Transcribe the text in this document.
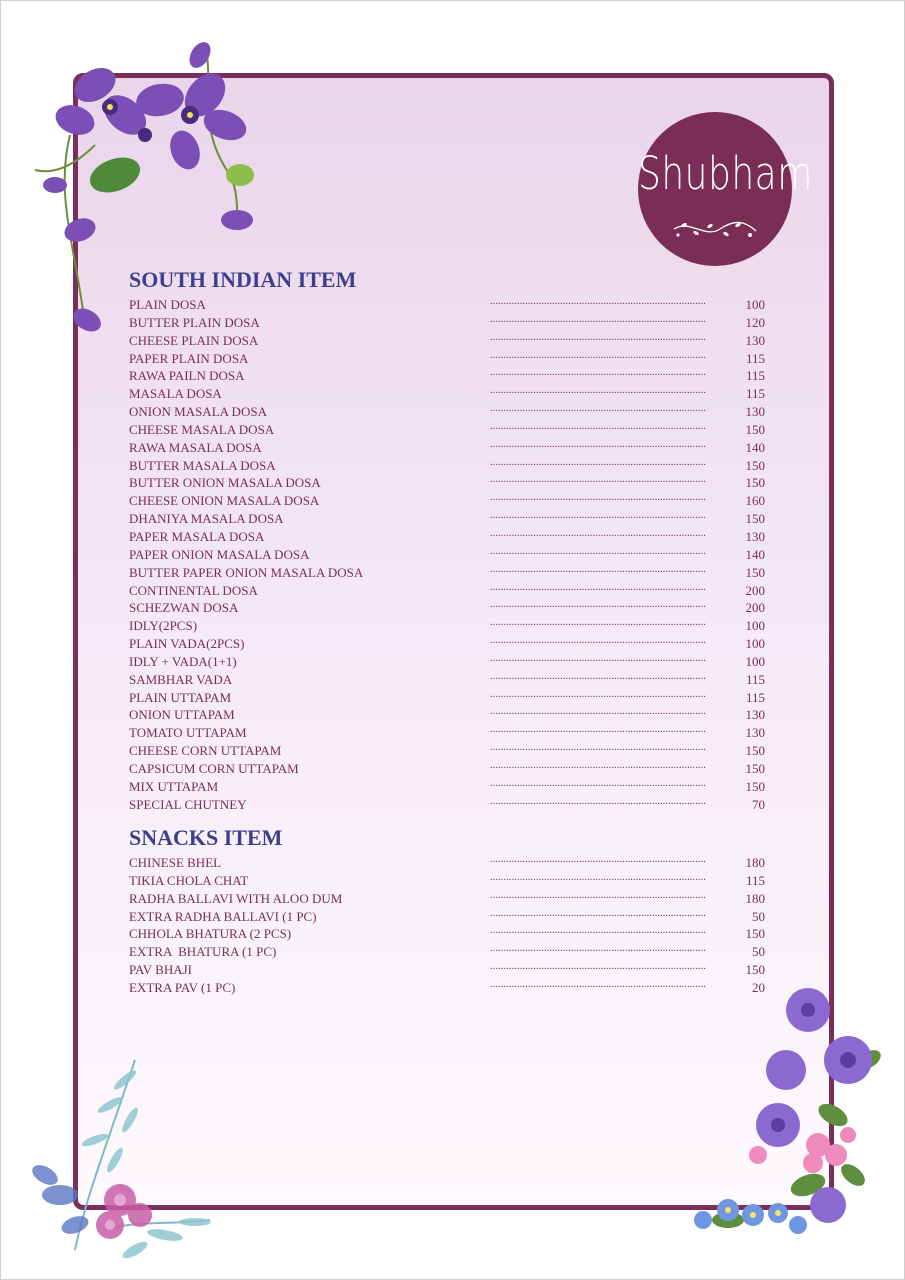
Shubham
SOUTH INDIAN ITEM
PLAIN DOSA	................................................................................	100
BUTTER PLAIN DOSA	................................................................................	120
CHEESE PLAIN DOSA	................................................................................	130
PAPER PLAIN DOSA	................................................................................	115
RAWA PAILN DOSA	................................................................................	115
MASALA DOSA	................................................................................	115
ONION MASALA DOSA	................................................................................	130
CHEESE MASALA DOSA	................................................................................	150
RAWA MASALA DOSA	................................................................................	140
BUTTER MASALA DOSA	................................................................................	150
BUTTER ONION MASALA DOSA	................................................................................	150
CHEESE ONION MASALA DOSA	................................................................................	160
DHANIYA MASALA DOSA	................................................................................	150
PAPER MASALA DOSA	................................................................................	130
PAPER ONION MASALA DOSA	................................................................................	140
BUTTER PAPER ONION MASALA DOSA	................................................................................	150
CONTINENTAL DOSA	................................................................................	200
SCHEZWAN DOSA	................................................................................	200
IDLY(2PCS)	................................................................................	100
PLAIN VADA(2PCS)	................................................................................	100
IDLY + VADA(1+1)	................................................................................	100
SAMBHAR VADA	................................................................................	115
PLAIN UTTAPAM	................................................................................	115
ONION UTTAPAM	................................................................................	130
TOMATO UTTAPAM	................................................................................	130
CHEESE CORN UTTAPAM	................................................................................	150
CAPSICUM CORN UTTAPAM	................................................................................	150
MIX UTTAPAM	................................................................................	150
SPECIAL CHUTNEY	................................................................................	70
SNACKS ITEM
CHINESE BHEL	................................................................................	180
TIKIA CHOLA CHAT	................................................................................	115
RADHA BALLAVI WITH ALOO DUM	................................................................................	180
EXTRA RADHA BALLAVI (1 PC)	................................................................................	50
CHHOLA BHATURA (2 PCS)	................................................................................	150
EXTRA  BHATURA (1 PC)	................................................................................	50
PAV BHAJI	................................................................................	150
EXTRA PAV (1 PC)	................................................................................	20
